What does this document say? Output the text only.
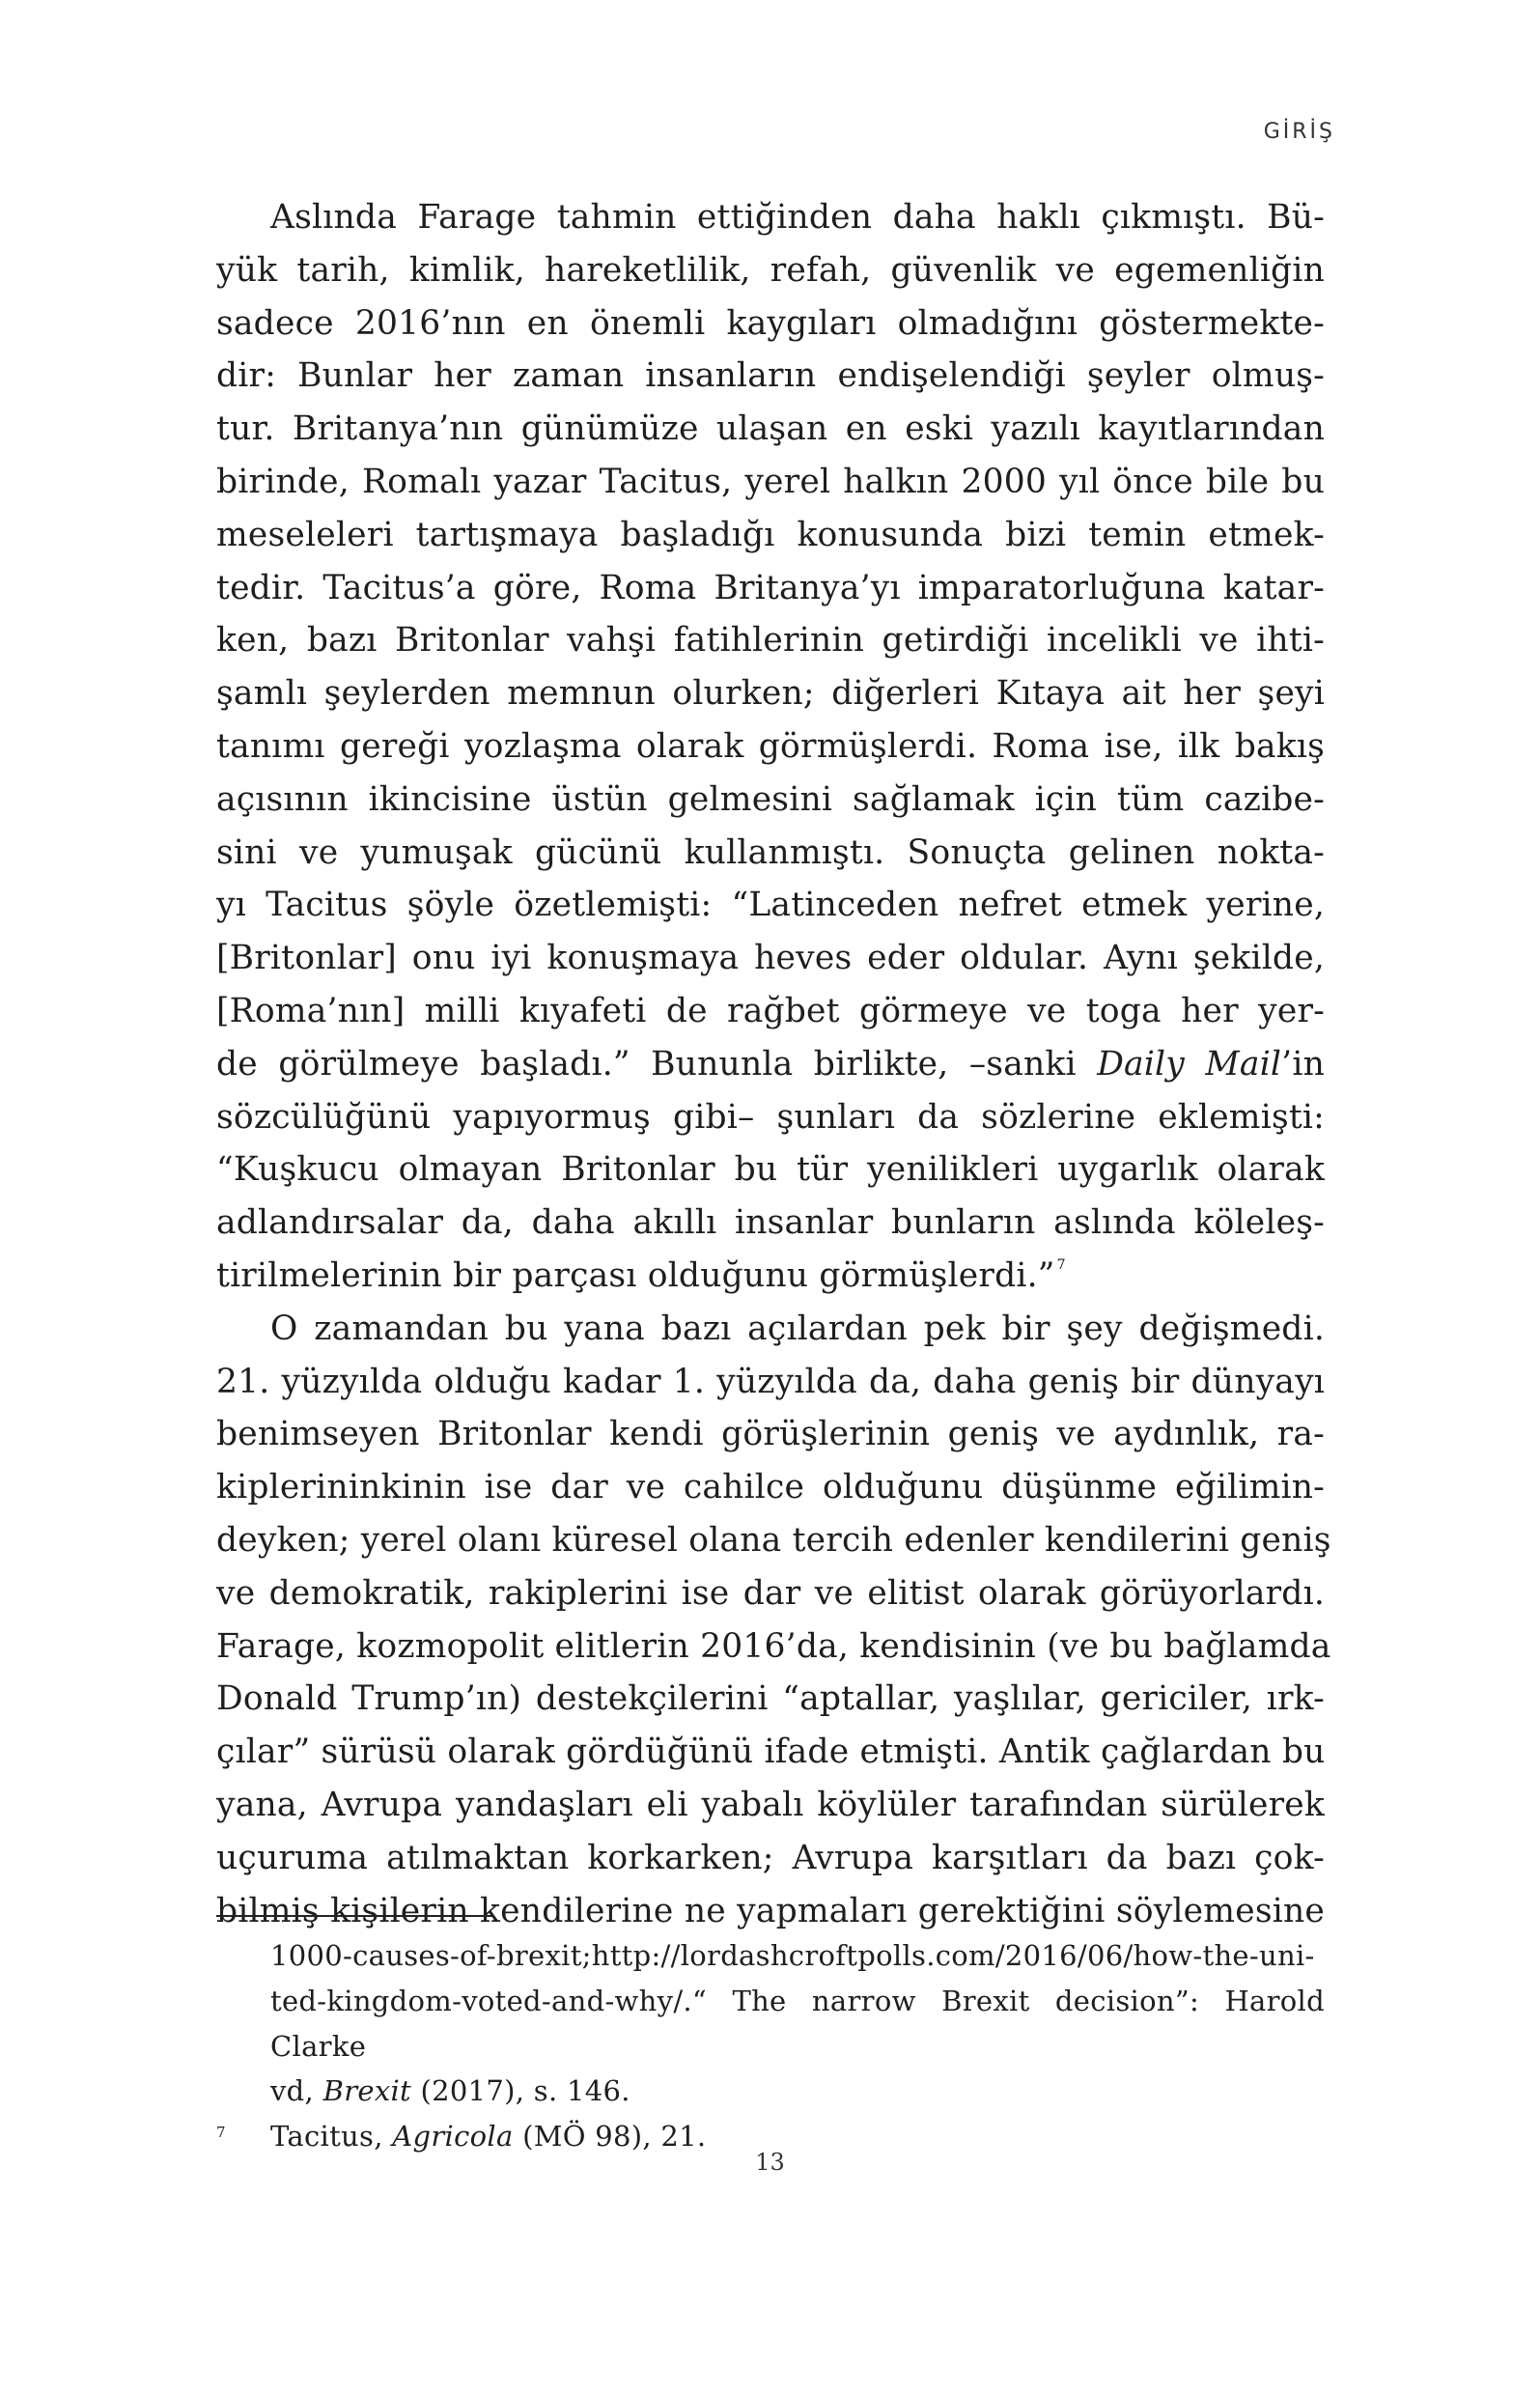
GİRİŞ
Aslında Farage tahmin ettiğinden daha haklı çıkmıştı. Bü-
yük tarih, kimlik, hareketlilik, refah, güvenlik ve egemenliğin
sadece 2016’nın en önemli kaygıları olmadığını göstermekte-
dir: Bunlar her zaman insanların endişelendiği şeyler olmuş-
tur. Britanya’nın günümüze ulaşan en eski yazılı kayıtlarından
birinde, Romalı yazar Tacitus, yerel halkın 2000 yıl önce bile bu
meseleleri tartışmaya başladığı konusunda bizi temin etmek-
tedir. Tacitus’a göre, Roma Britanya’yı imparatorluğuna katar-
ken, bazı Britonlar vahşi fatihlerinin getirdiği incelikli ve ihti-
şamlı şeylerden memnun olurken; diğerleri Kıtaya ait her şeyi
tanımı gereği yozlaşma olarak görmüşlerdi. Roma ise, ilk bakış
açısının ikincisine üstün gelmesini sağlamak için tüm cazibe-
sini ve yumuşak gücünü kullanmıştı. Sonuçta gelinen nokta-
yı Tacitus şöyle özetlemişti: “Latinceden nefret etmek yerine,
[Britonlar] onu iyi konuşmaya heves eder oldular. Aynı şekilde,
[Roma’nın] milli kıyafeti de rağbet görmeye ve toga her yer-
de görülmeye başladı.” Bununla birlikte, –sanki Daily Mail’in
sözcülüğünü yapıyormuş gibi– şunları da sözlerine eklemişti:
“Kuşkucu olmayan Britonlar bu tür yenilikleri uygarlık olarak
adlandırsalar da, daha akıllı insanlar bunların aslında köleleş-
tirilmelerinin bir parçası olduğunu görmüşlerdi.” $^7$
O zamandan bu yana bazı açılardan pek bir şey değişmedi.
21. yüzyılda olduğu kadar 1. yüzyılda da, daha geniş bir dünyayı
benimseyen Britonlar kendi görüşlerinin geniş ve aydınlık, ra-
kiplerininkinin ise dar ve cahilce olduğunu düşünme eğilimin-
deyken; yerel olanı küresel olana tercih edenler kendilerini geniş
ve demokratik, rakiplerini ise dar ve elitist olarak görüyorlardı.
Farage, kozmopolit elitlerin 2016’da, kendisinin (ve bu bağlamda
Donald Trump’ın) destekçilerini “aptallar, yaşlılar, gericiler, ırk-
çılar” sürüsü olarak gördüğünü ifade etmişti. Antik çağlardan bu
yana, Avrupa yandaşları eli yabalı köylüler tarafından sürülerek
uçuruma atılmaktan korkarken; Avrupa karşıtları da bazı çok-
bilmiş kişilerin kendilerine ne yapmaları gerektiğini söylemesine
1000-causes-of-brexit;http://lordashcroftpolls.com/2016/06/how-the-uni-
ted-kingdom-voted-and-why/.“ The narrow Brexit decision”: Harold Clarke
vd, Brexit (2017), s. 146.
7 Tacitus, Agricola (MÖ 98), 21.
13
